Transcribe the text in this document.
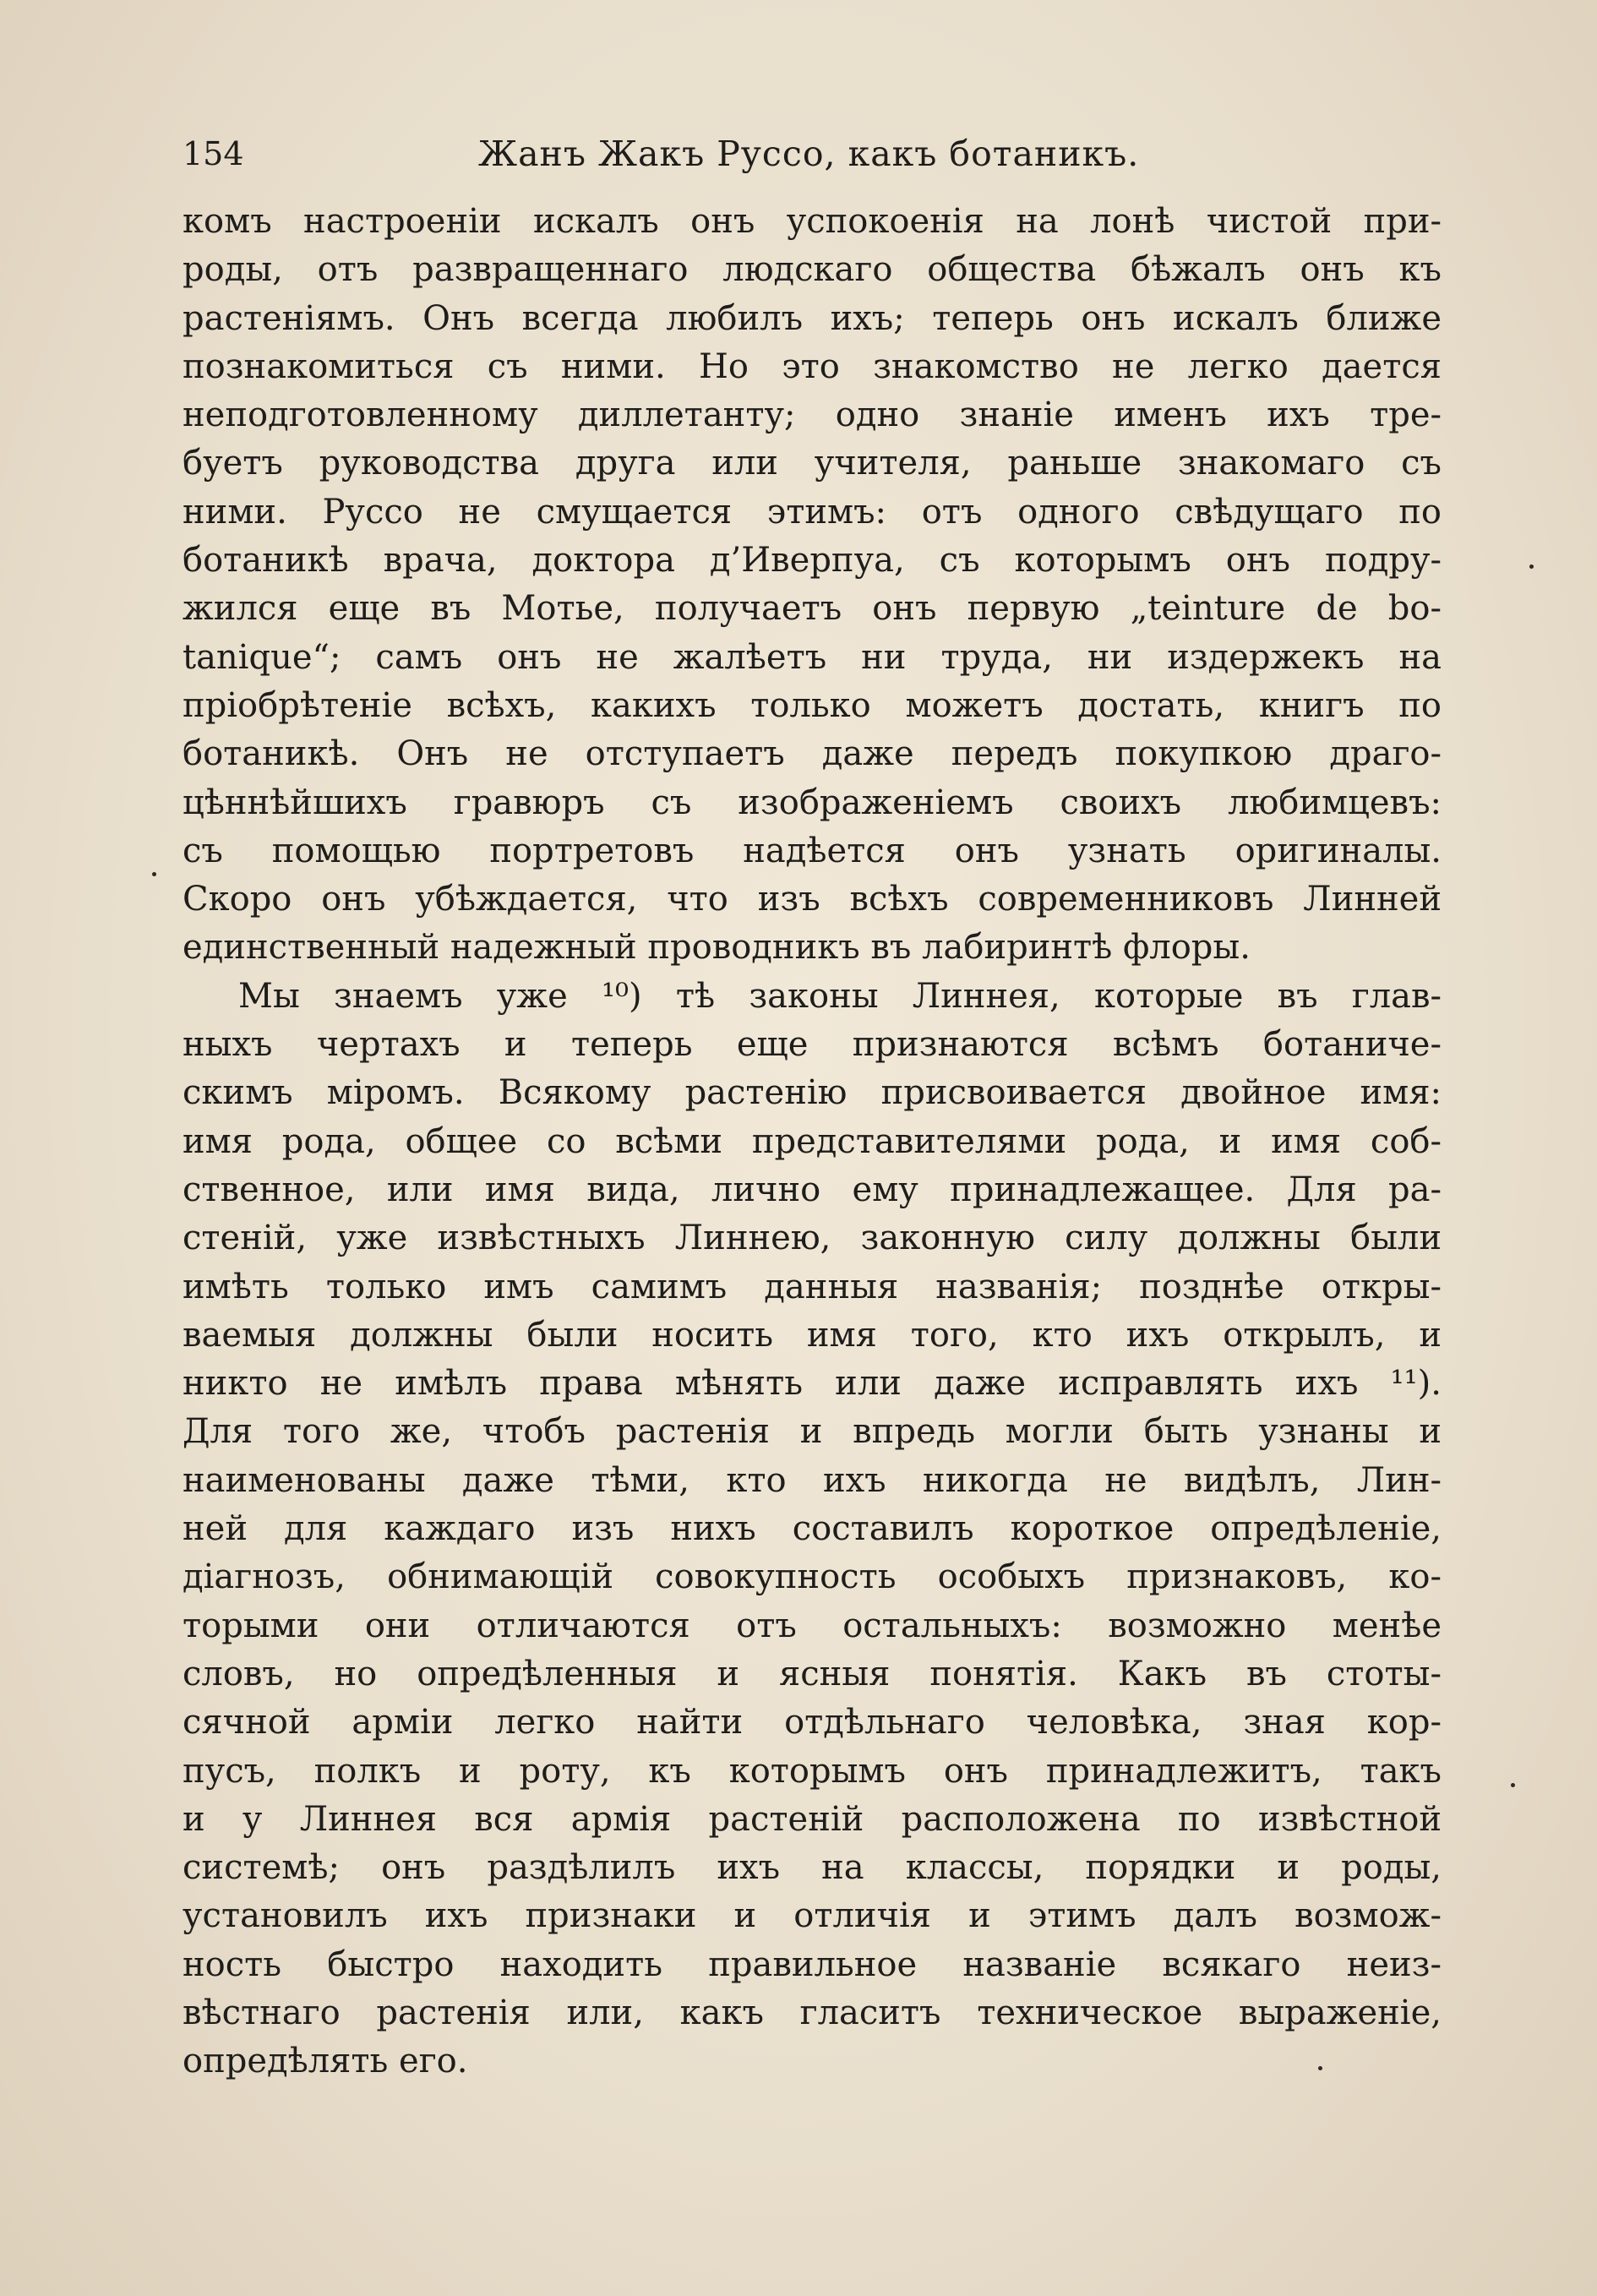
154	Жанъ Жакъ Руссо, какъ ботаникъ.
комъ настроеніи искалъ онъ успокоенія на лонѣ чистой при-
роды, отъ развращеннаго людскаго общества бѣжалъ онъ къ
растеніямъ. Онъ всегда любилъ ихъ; теперь онъ искалъ ближе
познакомиться съ ними. Но это знакомство не легко дается
неподготовленному диллетанту; одно знаніе именъ ихъ тре-
буетъ руководства друга или учителя, раньше знакомаго съ
ними. Руссо не смущается этимъ: отъ одного свѣдущаго по
ботаникѣ врача, доктора д’Иверпуа, съ которымъ онъ подру-
жился еще въ Мотье, получаетъ онъ первую „teinture de bo-
tanique“; самъ онъ не жалѣетъ ни труда, ни издержекъ на
пріобрѣтеніе всѣхъ, какихъ только можетъ достать, книгъ по
ботаникѣ. Онъ не отступаетъ даже передъ покупкою драго-
цѣннѣйшихъ гравюръ съ изображеніемъ своихъ любимцевъ:
съ помощью портретовъ надѣется онъ узнать оригиналы.
Скоро онъ убѣждается, что изъ всѣхъ современниковъ Линней
единственный надежный проводникъ въ лабиринтѣ флоры.
Мы знаемъ уже ¹⁰) тѣ законы Линнея, которые въ глав-
ныхъ чертахъ и теперь еще признаются всѣмъ ботаниче-
скимъ міромъ. Всякому растенію присвоивается двойное имя:
имя рода, общее со всѣми представителями рода, и имя соб-
ственное, или имя вида, лично ему принадлежащее. Для ра-
стеній, уже извѣстныхъ Линнею, законную силу должны были
имѣть только имъ самимъ данныя названія; позднѣе откры-
ваемыя должны были носить имя того, кто ихъ открылъ, и
никто не имѣлъ права мѣнять или даже исправлять ихъ ¹¹).
Для того же, чтобъ растенія и впредь могли быть узнаны и
наименованы даже тѣми, кто ихъ никогда не видѣлъ, Лин-
ней для каждаго изъ нихъ составилъ короткое опредѣленіе,
діагнозъ, обнимающій совокупность особыхъ признаковъ, ко-
торыми они отличаются отъ остальныхъ: возможно менѣе
словъ, но опредѣленныя и ясныя понятія. Какъ въ стоты-
сячной арміи легко найти отдѣльнаго человѣка, зная кор-
пусъ, полкъ и роту, къ которымъ онъ принадлежитъ, такъ
и у Линнея вся армія растеній расположена по извѣстной
системѣ; онъ раздѣлилъ ихъ на классы, порядки и роды,
установилъ ихъ признаки и отличія и этимъ далъ возмож-
ность быстро находить правильное названіе всякаго неиз-
вѣстнаго растенія или, какъ гласитъ техническое выраженіе,
опредѣлять его.
